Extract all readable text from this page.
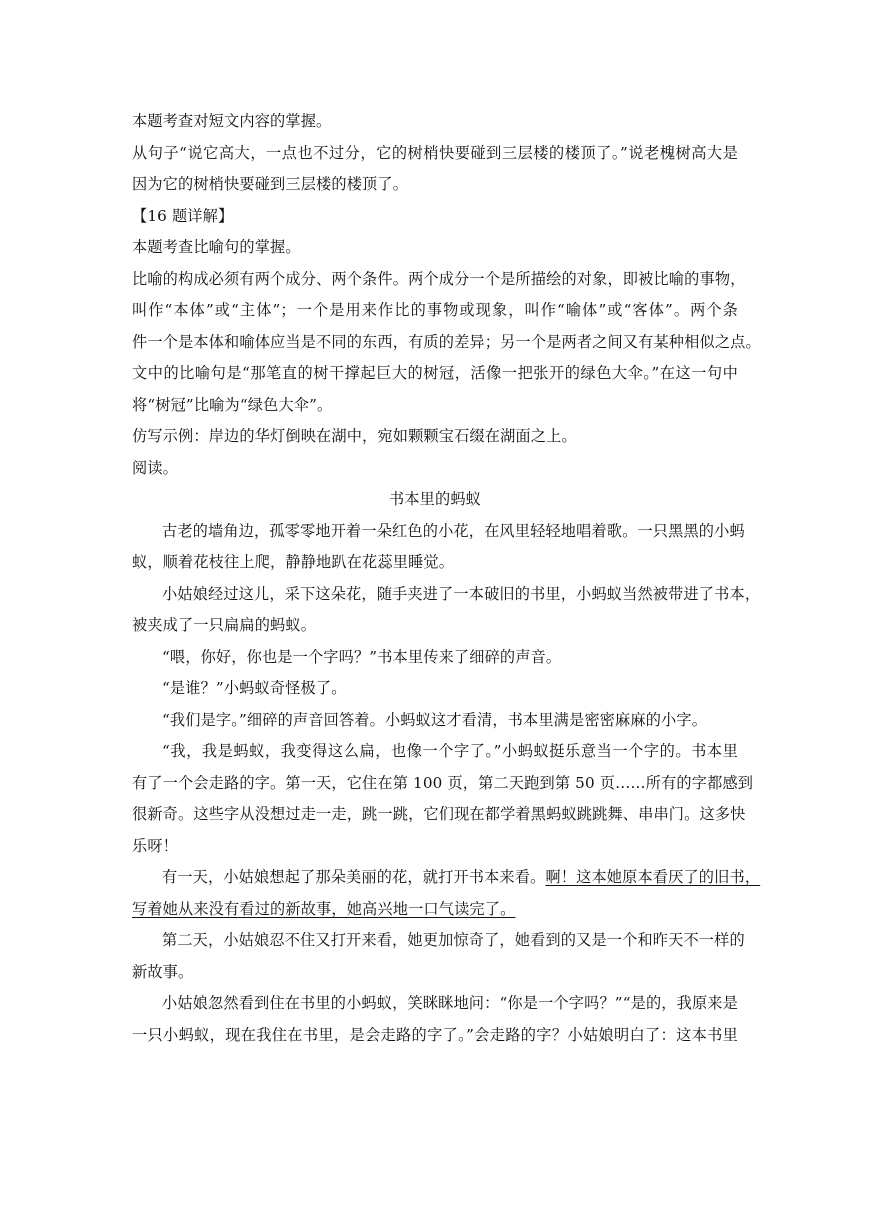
本题考查对短文内容的掌握。
从句子“说它高大，一点也不过分，它的树梢快要碰到三层楼的楼顶了。”说老槐树高大是
因为它的树梢快要碰到三层楼的楼顶了。
【16 题详解】
本题考查比喻句的掌握。
比喻的构成必须有两个成分、两个条件。两个成分一个是所描绘的对象，即被比喻的事物，
叫作“本体”或“主体”；一个是用来作比的事物或现象，叫作“喻体”或“客体”。两个条
件一个是本体和喻体应当是不同的东西，有质的差异；另一个是两者之间又有某种相似之点。
文中的比喻句是“那笔直的树干撑起巨大的树冠，活像一把张开的绿色大伞。”在这一句中
将“树冠”比喻为“绿色大伞”。
仿写示例：岸边的华灯倒映在湖中，宛如颗颗宝石缀在湖面之上。
阅读。
书本里的蚂蚁
古老的墙角边，孤零零地开着一朵红色的小花，在风里轻轻地唱着歌。一只黑黑的小蚂
蚁，顺着花枝往上爬，静静地趴在花蕊里睡觉。
小姑娘经过这儿，采下这朵花，随手夹进了一本破旧的书里，小蚂蚁当然被带进了书本，
被夹成了一只扁扁的蚂蚁。
“喂，你好，你也是一个字吗？”书本里传来了细碎的声音。
“是谁？”小蚂蚁奇怪极了。
“我们是字。”细碎的声音回答着。小蚂蚁这才看清，书本里满是密密麻麻的小字。
“我，我是蚂蚁，我变得这么扁，也像一个字了。”小蚂蚁挺乐意当一个字的。书本里
有了一个会走路的字。第一天，它住在第 100 页，第二天跑到第 50 页……所有的字都感到
很新奇。这些字从没想过走一走，跳一跳，它们现在都学着黑蚂蚁跳跳舞、串串门。这多快
乐呀！
有一天，小姑娘想起了那朵美丽的花，就打开书本来看。啊！这本她原本看厌了的旧书，
写着她从来没有看过的新故事，她高兴地一口气读完了。
第二天，小姑娘忍不住又打开来看，她更加惊奇了，她看到的又是一个和昨天不一样的
新故事。
小姑娘忽然看到住在书里的小蚂蚁，笑眯眯地问：“你是一个字吗？”“是的，我原来是
一只小蚂蚁，现在我住在书里，是会走路的字了。”会走路的字？小姑娘明白了：这本书里
